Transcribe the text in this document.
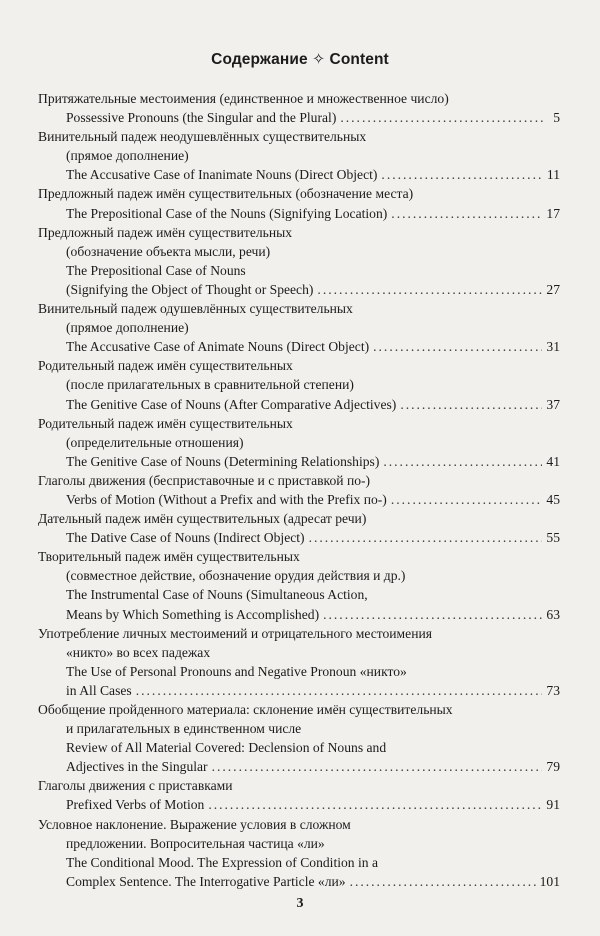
Содержание ✧ Content
Притяжательные местоимения (единственное и множественное число)
Possessive Pronouns (the Singular and the Plural) .....	5
Винительный падеж неодушевлённых существительных
(прямое дополнение)
The Accusative Case of Inanimate Nouns (Direct Object) .....	11
Предложный падеж имён существительных (обозначение места)
The Prepositional Case of the Nouns (Signifying Location) .....	17
Предложный падеж имён существительных
(обозначение объекта мысли, речи)
The Prepositional Case of Nouns
(Signifying the Object of Thought or Speech) .....	27
Винительный падеж одушевлённых существительных
(прямое дополнение)
The Accusative Case of Animate Nouns (Direct Object) .....	31
Родительный падеж имён существительных
(после прилагательных в сравнительной степени)
The Genitive Case of Nouns (After Comparative Adjectives) .....	37
Родительный падеж имён существительных
(определительные отношения)
The Genitive Case of Nouns (Determining Relationships) .....	41
Глаголы движения (бесприставочные и с приставкой по-)
Verbs of Motion (Without a Prefix and with the Prefix по-) .....	45
Дательный падеж имён существительных (адресат речи)
The Dative Case of Nouns (Indirect Object) .....	55
Творительный падеж имён существительных
(совместное действие, обозначение орудия действия и др.)
The Instrumental Case of Nouns (Simultaneous Action,
Means by Which Something is Accomplished) .....	63
Употребление личных местоимений и отрицательного местоимения
«никто» во всех падежах
The Use of Personal Pronouns and Negative Pronoun «никто»
in All Cases .....	73
Обобщение пройденного материала: склонение имён существительных
и прилагательных в единственном числе
Review of All Material Covered: Declension of Nouns and
Adjectives in the Singular .....	79
Глаголы движения с приставками
Prefixed Verbs of Motion .....	91
Условное наклонение. Выражение условия в сложном
предложении. Вопросительная частица «ли»
The Conditional Mood. The Expression of Condition in a
Complex Sentence. The Interrogative Particle «ли» .....	101
3
